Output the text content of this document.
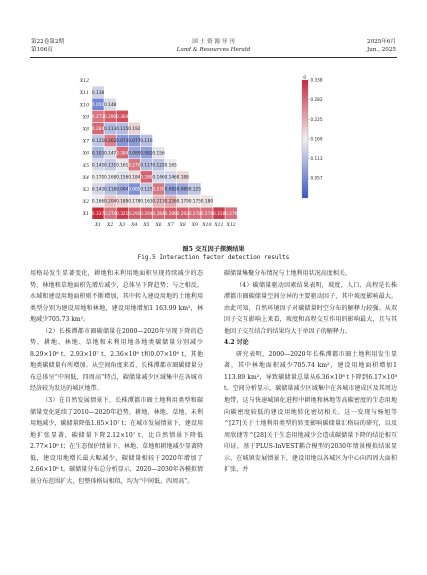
第22卷第2期
第106页
国 土 资 源 导 刊
Land & Resources Herald
2025年6月
Jun., 2025
0.337 0.274 0.321 0.290 0.294 0.284 0.289 0.292 0.278 0.278 0.318 0.276
0.166 0.204 0.189 0.178 0.163 0.213 0.226 0.179 0.175 0.180
0.143 0.118 0.094 0.065 0.125 0.270 0.082 0.089 0.125
0.170 0.168 0.156 0.184 0.288 0.146 0.146 0.188
0.145 0.131 0.161 0.270 0.117 0.122 0.165
0.103 0.147 0.284 0.089 0.082 0.156
0.125 0.262 0.073 0.077 0.116
0.284 0.113 0.115 0.192
0.273 0.290 0.304
0.056 0.148
0.138
X1
X2
X3
X4
X5
X6
X7
X8
X9
X10
X11
X12
X1 X2 X3 X4 X5 X6 X7 X8 X9 X10 X11 X12
q 0.338
0.282
0.225
0.169
0.113
0.057
图5 交互因子探测结果
Fig.5 Interaction factor detection results

用格局发生显著变化，耕地和未利用地面积呈现持续减少的态势，林地和草地面积先增后减少，总体呈下降趋势；与之相反，水域和建设用地面积则不断增加，其中转入建设用地的土地利用类型分别为建设用地和林地，建设用地增加1 163.99 km²，林地减少705.73 km²。

（2）长株潭都市圈碳储量在2000—2020年呈现下降的趋势，耕地、林地、草地和未利用地各地类碳储量分别减少8.29×10⁶ t、2.93×10⁷ t、2.36×10⁶ t和0.07×10⁶ t，其他地类碳储量有所增加。从空间角度来看，长株潭都市圈碳储量分布总体呈“中间低，四周高”特点，碳储量减少区域集中在各城市经济较为发达的城区地带。

（3）在自然发展情景下，长株潭都市圈土地利用类型和碳储量变化延续了2010—2020年趋势，耕地、林地、草地、未利用地减少，碳储量降低1.85×10⁷ t；在城市发展情景下，建设用地扩张显著，碳储量下降2.12×10⁷ t，比自然情景下降低2.77×10⁶ t；在生态保护情景下，林地、草地和耕地减少显著降低，建设用地增长最大幅减少，碳储量相较于2020年增加了2.66×10⁶ t。碳储量分布总分析显示，2020—2030年各模拟情景分布范围扩大，但整体格局相似，均为“中间低、四周高”。

碳储量集聚分布情况与土地利用状况高度相关。

（4）碳储量驱动因素结果表明，坡度、人口、高程是长株潭都市圈碳储量空间分异的主要驱动因子，其中坡度影响最大。由此可知，自然环境因子对碳储量时空分布的解释力较强。从双因子交互影响上来看，坡度和高程交互作用的影响最大，且与其他因子交互结合的结果均大于单因子的解释力。

4.2 讨论

研究表明，2000—2020年长株潭都市圈土地利用发生显著，其中林地面积减少705.74 km²，建设用地面积增加1 113.89 km²，导致碳储量总量从6.36×10⁸ t下降到6.17×10⁸ t。空间分析显示，碳储量减少区域集中在各城市建成区及其周边地带，这与快速城镇化进程中耕地和林地等高碳密度的生态用地向碳密度较低的建设用地转化密切相关。这一发现与杨旭等^[27]关于土地利用类型的转变影响碳储量汇格局的研究，以及周欣捷等^[28]关于生态用地减少会造成碳储量下降的结论相互印证。基于PLUS-InVEST耦合模型的2030年情景模拟结果显示，在城镇发展情景下，建设用地以各城区为中心向四周大面积扩张，并
